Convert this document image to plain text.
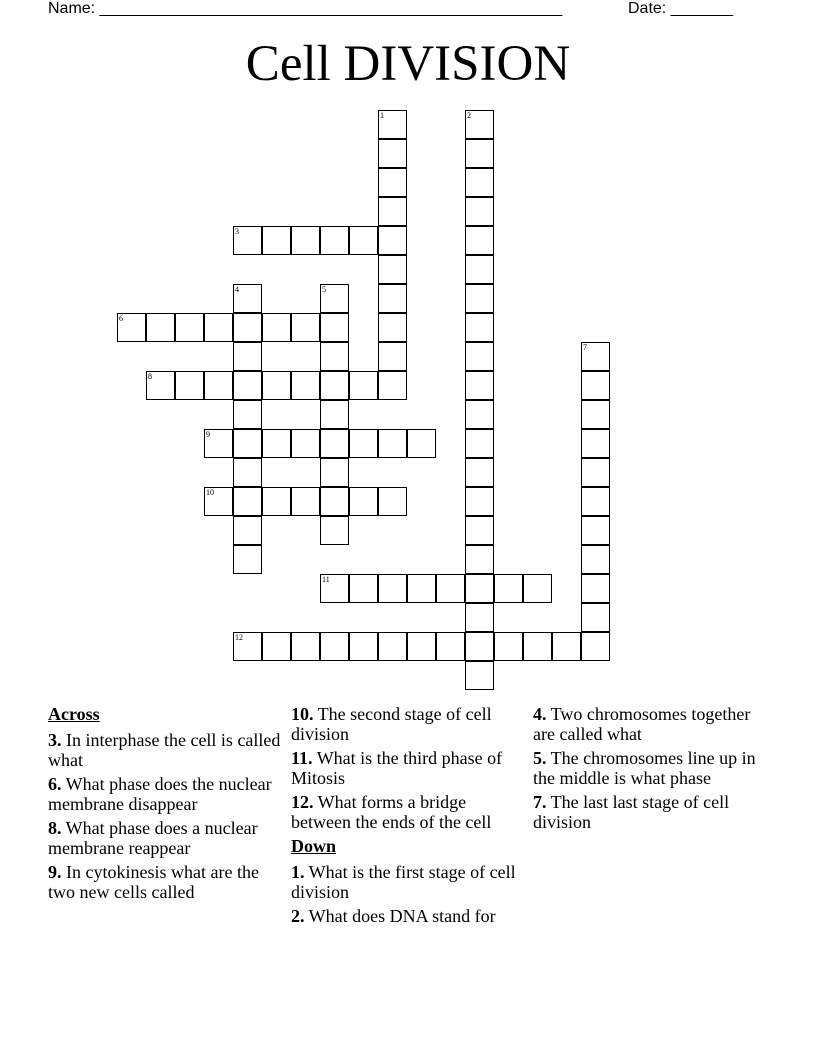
Name: ____________________________________________________	Date: _______
Cell DIVISION
1	2
3
4	5
6
7
8
9
10
11
12
Across
3. In interphase the cell is called what
6. What phase does the nuclear membrane disappear
8. What phase does a nuclear membrane reappear
9. In cytokinesis what are the two new cells called
10. The second stage of cell division
11. What is the third phase of Mitosis
12. What forms a bridge between the ends of the cell
Down
1. What is the first stage of cell division
2. What does DNA stand for
4. Two chromosomes together are called what
5. The chromosomes line up in the middle is what phase
7. The last last stage of cell division
